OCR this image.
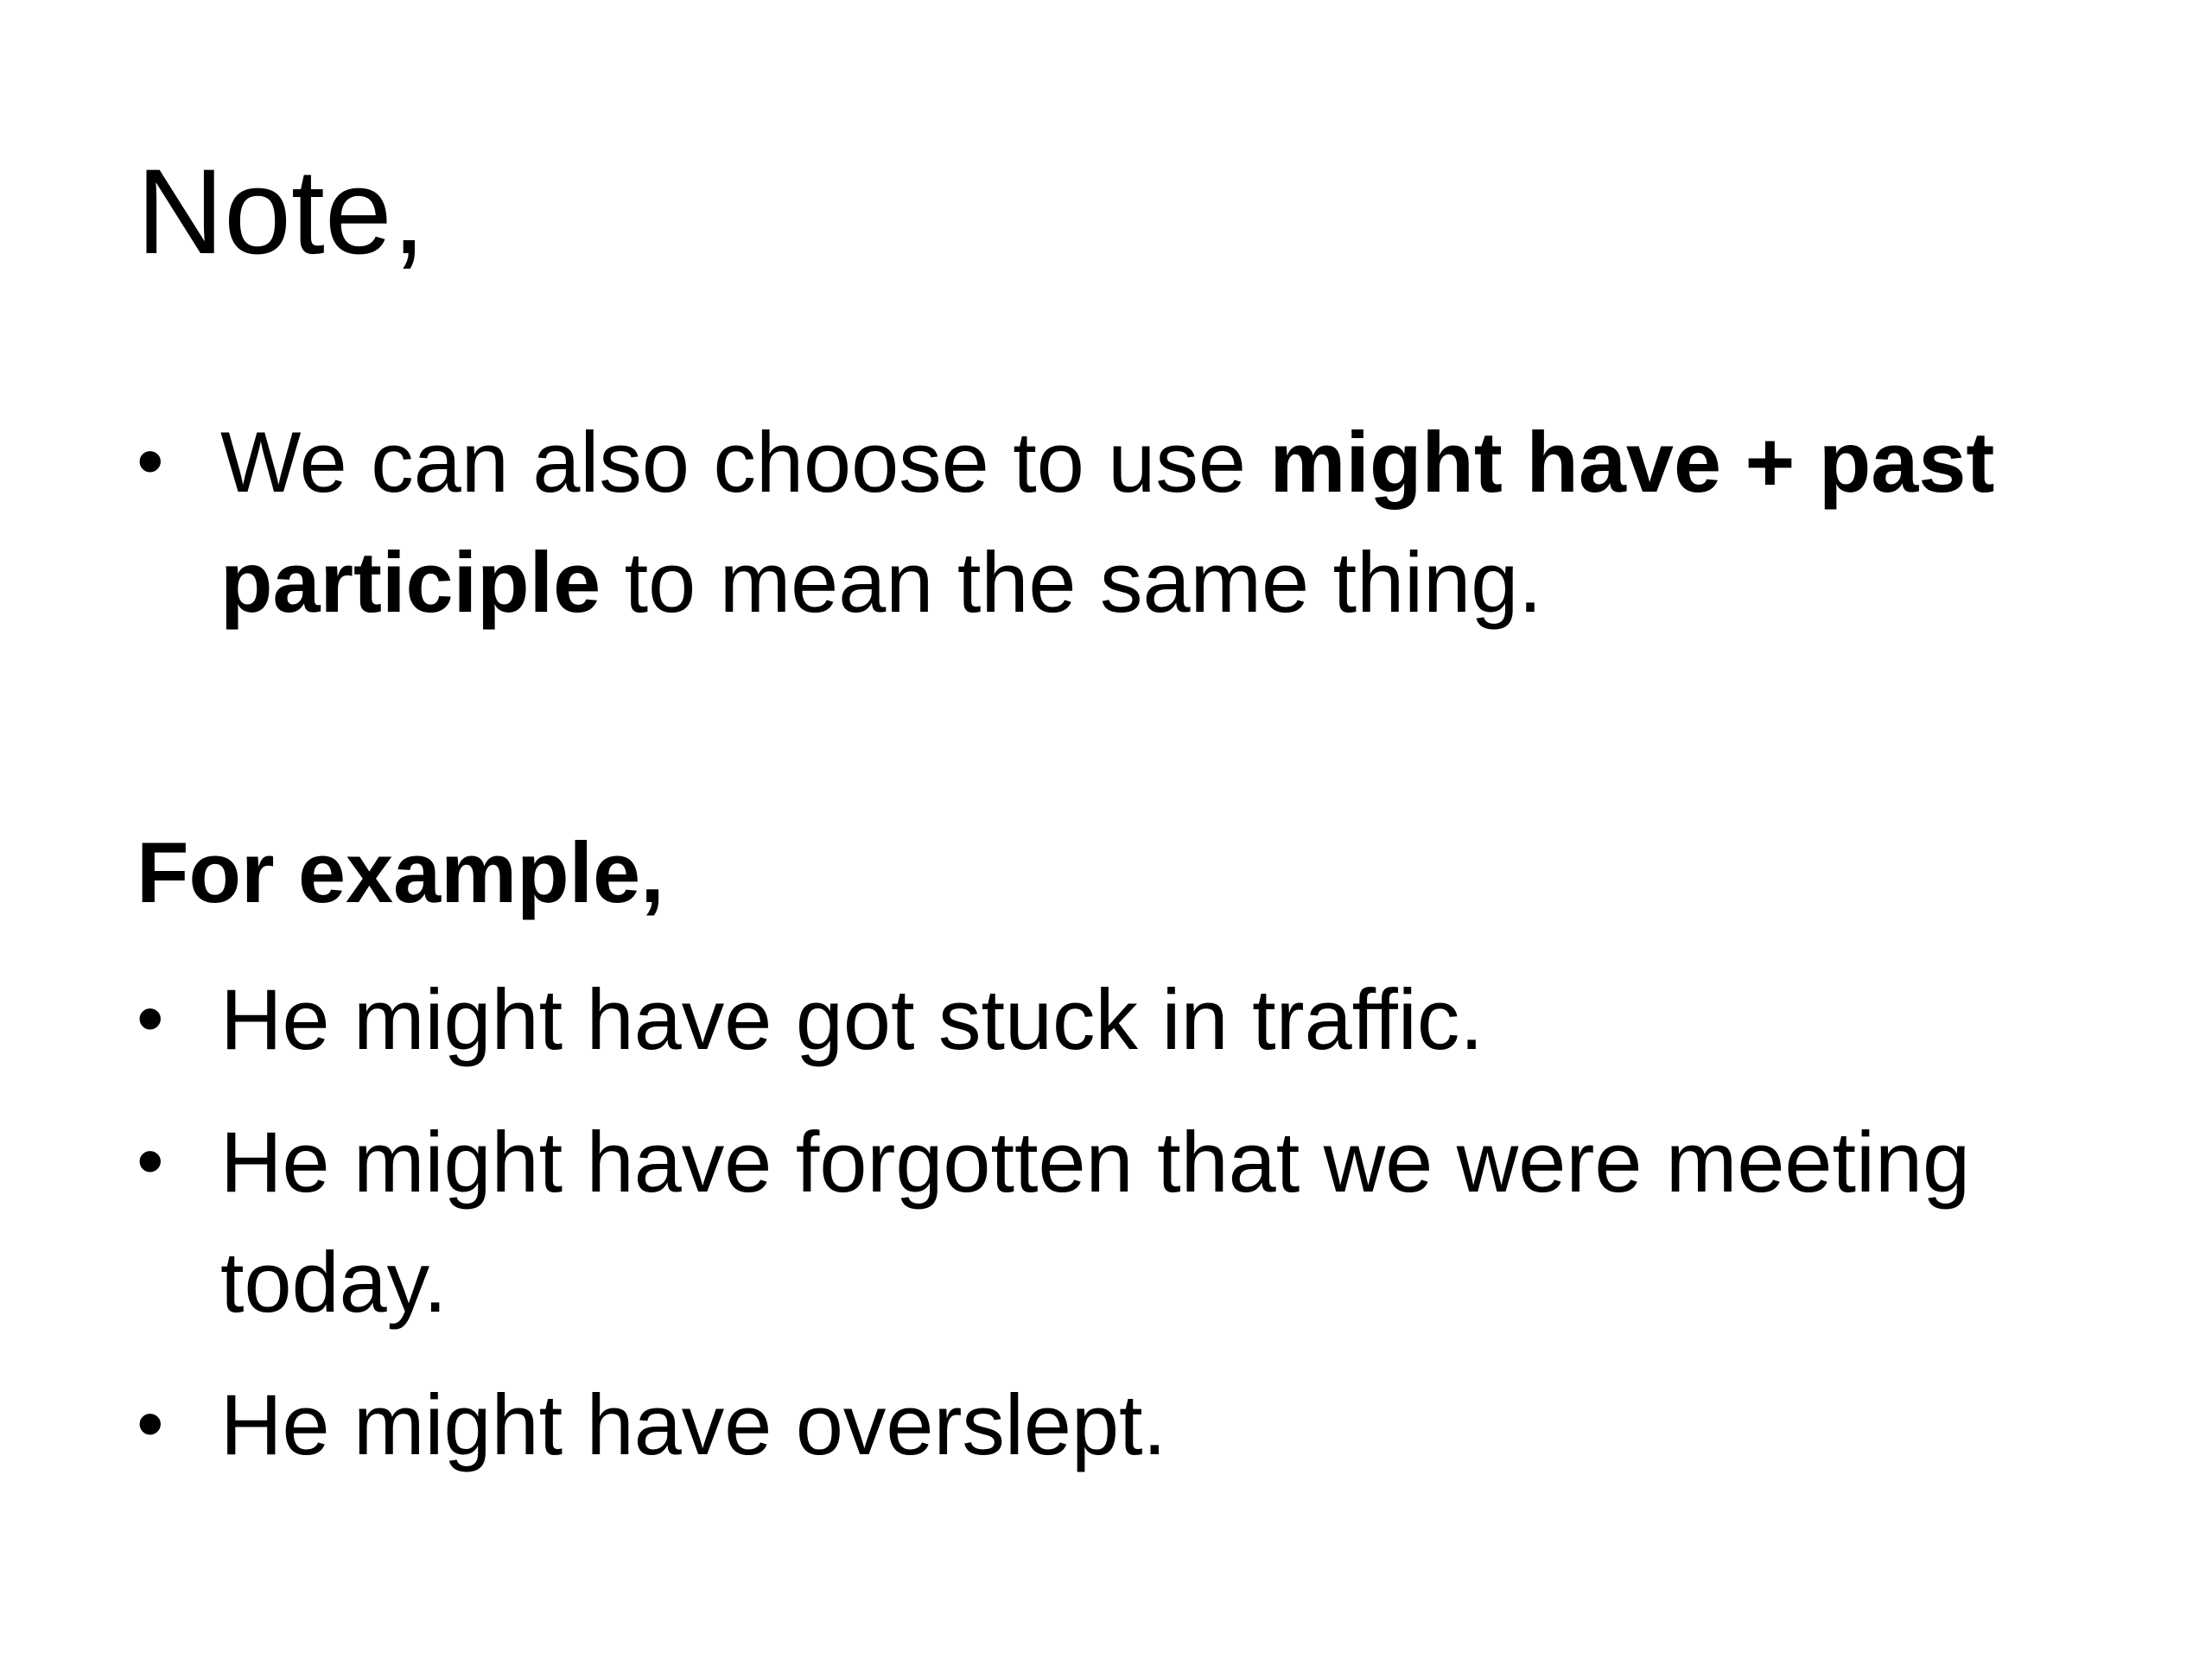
Note,
• We can also choose to use might have + past participle to mean the same thing.

For example,

• He might have got stuck in traffic.
• He might have forgotten that we were meeting today.
• He might have overslept.
